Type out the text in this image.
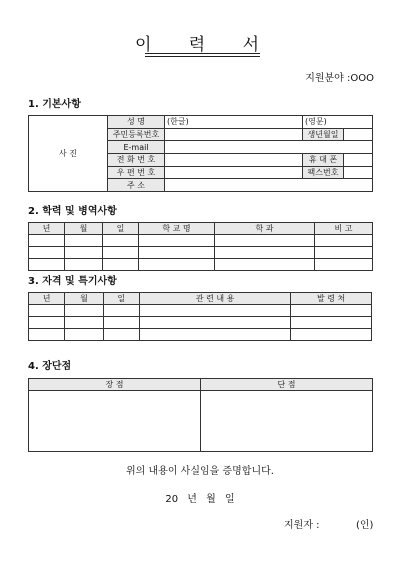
이 력 서
지원분야 :OOO
1. 기본사항
사 진	성 명	(한글)	(영문)	
	주민등록번호		생년월일	
	E-mail			
	전 화 번 호		휴 대 폰	
	우 편 번 호		팩스번호	
	주 소			
2. 학력 및 병역사항
년	월	일	학 교 명	학 과	비 고

3. 자격 및 특기사항
년	월	일	관 련 내 용	발 령 처

4. 장단점
장 점	단 점

위의 내용이 사실임을 증명합니다.
20 년 월 일
지원자 :	(인)
